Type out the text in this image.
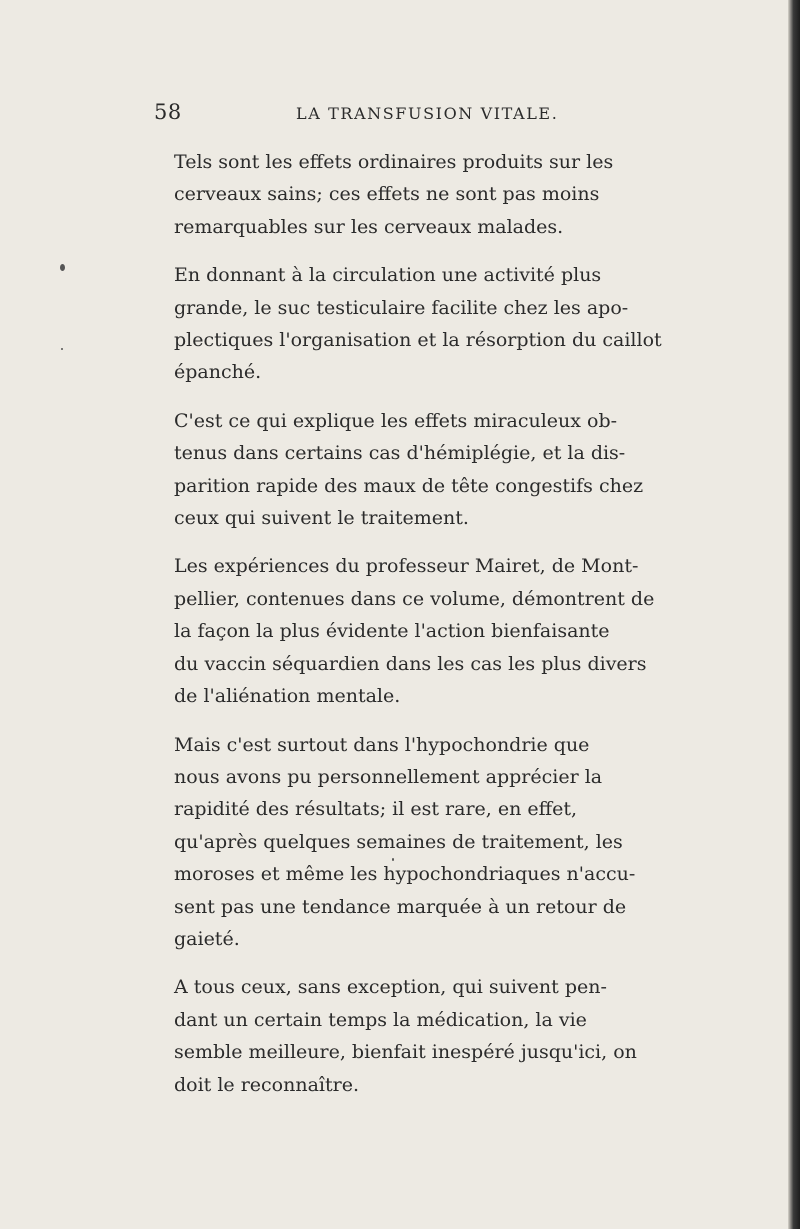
58	LA TRANSFUSION VITALE.

Tels sont les effets ordinaires produits sur les
cerveaux sains; ces effets ne sont pas moins
remarquables sur les cerveaux malades.

En donnant à la circulation une activité plus
grande, le suc testiculaire facilite chez les apo-
plectiques l'organisation et la résorption du caillot
épanché.

C'est ce qui explique les effets miraculeux ob-
tenus dans certains cas d'hémiplégie, et la dis-
parition rapide des maux de tête congestifs chez
ceux qui suivent le traitement.

Les expériences du professeur Mairet, de Mont-
pellier, contenues dans ce volume, démontrent de
la façon la plus évidente l'action bienfaisante
du vaccin séquardien dans les cas les plus divers
de l'aliénation mentale.

Mais c'est surtout dans l'hypochondrie que
nous avons pu personnellement apprécier la
rapidité des résultats; il est rare, en effet,
qu'après quelques semaines de traitement, les
moroses et même les hypochondriaques n'accu-
sent pas une tendance marquée à un retour de
gaieté.

A tous ceux, sans exception, qui suivent pen-
dant un certain temps la médication, la vie
semble meilleure, bienfait inespéré jusqu'ici, on
doit le reconnaître.
